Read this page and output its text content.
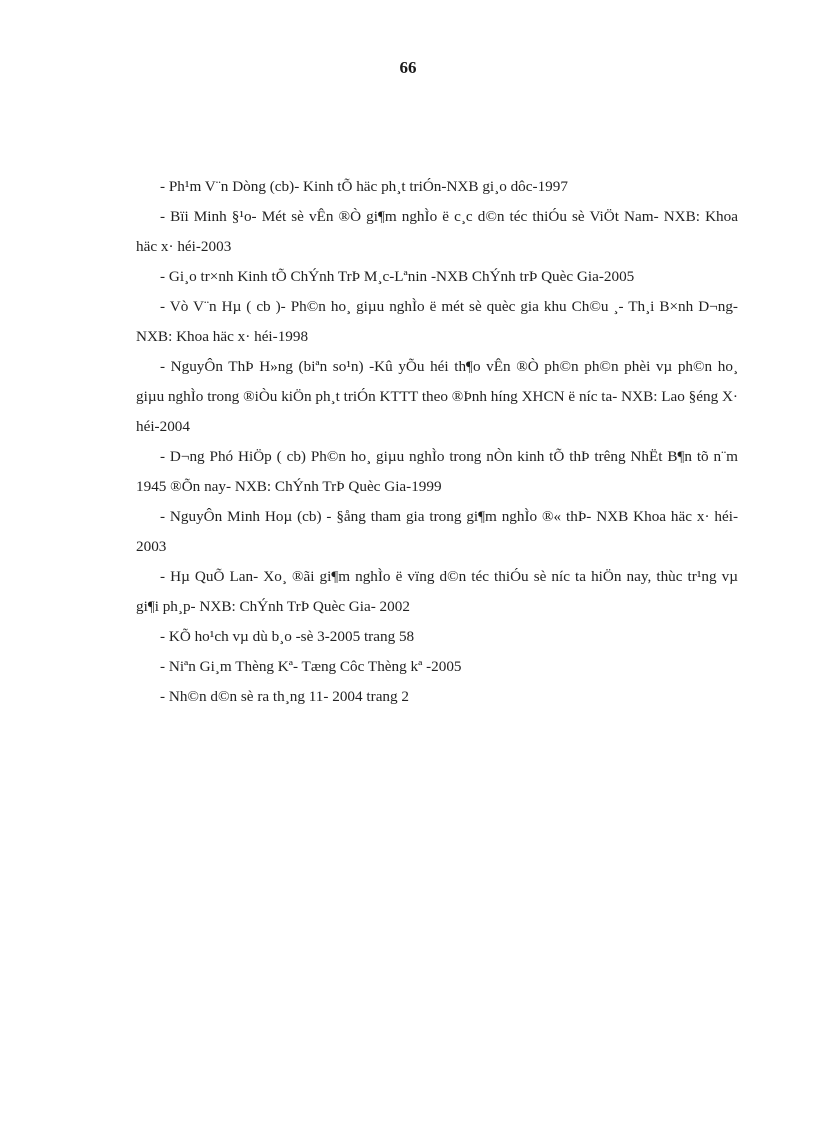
66

- Ph¹m V¨n Dòng (cb)- Kinh tÕ häc ph¸t triÓn-NXB gi¸o dôc-1997

- Bïi Minh §¹o- Mét sè vÊn ®Ò gi¶m nghÌo ë c¸c d©n téc thiÓu sè ViÖt Nam- NXB: Khoa häc x· héi-2003

- Gi¸o tr×nh Kinh tÕ ChÝnh TrÞ M¸c-Lªnin -NXB ChÝnh trÞ Quèc Gia-2005

- Vò V¨n Hµ ( cb )- Ph©n ho¸ giµu nghÌo ë mét sè quèc gia khu Ch©u ¸- Th¸i B×nh D¬ng- NXB: Khoa häc x· héi-1998

- NguyÔn ThÞ H»ng (biªn so¹n) -Kû yÕu héi th¶o vÊn ®Ò ph©n ph©n phèi vµ ph©n ho¸ giµu nghÌo trong ®iÒu kiÖn ph¸t triÓn KTTT theo ®Þnh híng XHCN ë níc ta- NXB: Lao §éng X· héi-2004

- D¬ng Phó HiÖp ( cb) Ph©n ho¸ giµu nghÌo trong nÒn kinh tÕ thÞ trêng NhËt B¶n tõ n¨m 1945 ®Õn nay- NXB: ChÝnh TrÞ Quèc Gia-1999

- NguyÔn Minh Hoµ (cb) - §ång tham gia trong gi¶m nghÌo ®« thÞ- NXB Khoa häc x· héi-2003

- Hµ QuÕ Lan- Xo¸ ®ãi gi¶m nghÌo ë vïng d©n téc thiÓu sè níc ta hiÖn nay, thùc tr¹ng vµ gi¶i ph¸p- NXB: ChÝnh TrÞ Quèc Gia- 2002

- KÕ ho¹ch vµ dù b¸o -sè 3-2005 trang 58

- Niªn Gi¸m Thèng Kª- Tæng Côc Thèng kª -2005

- Nh©n d©n sè ra th¸ng 11- 2004 trang 2
